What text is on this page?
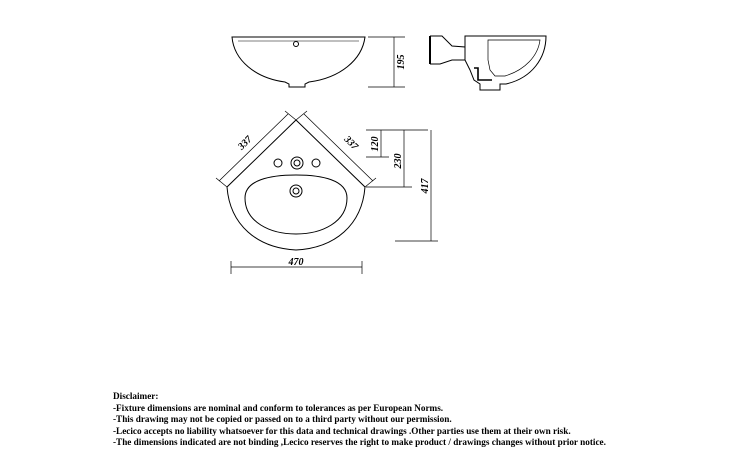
195
337	337
470
120
230
417
Disclaimer:
-Fixture dimensions are nominal and conform to tolerances as per European Norms.
-This drawing may not be copied or passed on to a third party without our permission.
-Lecico accepts no liability whatsoever for this data and technical drawings .Other parties use them at their own risk.
-The dimensions indicated are not binding ,Lecico reserves the right to make product / drawings changes without prior notice.
